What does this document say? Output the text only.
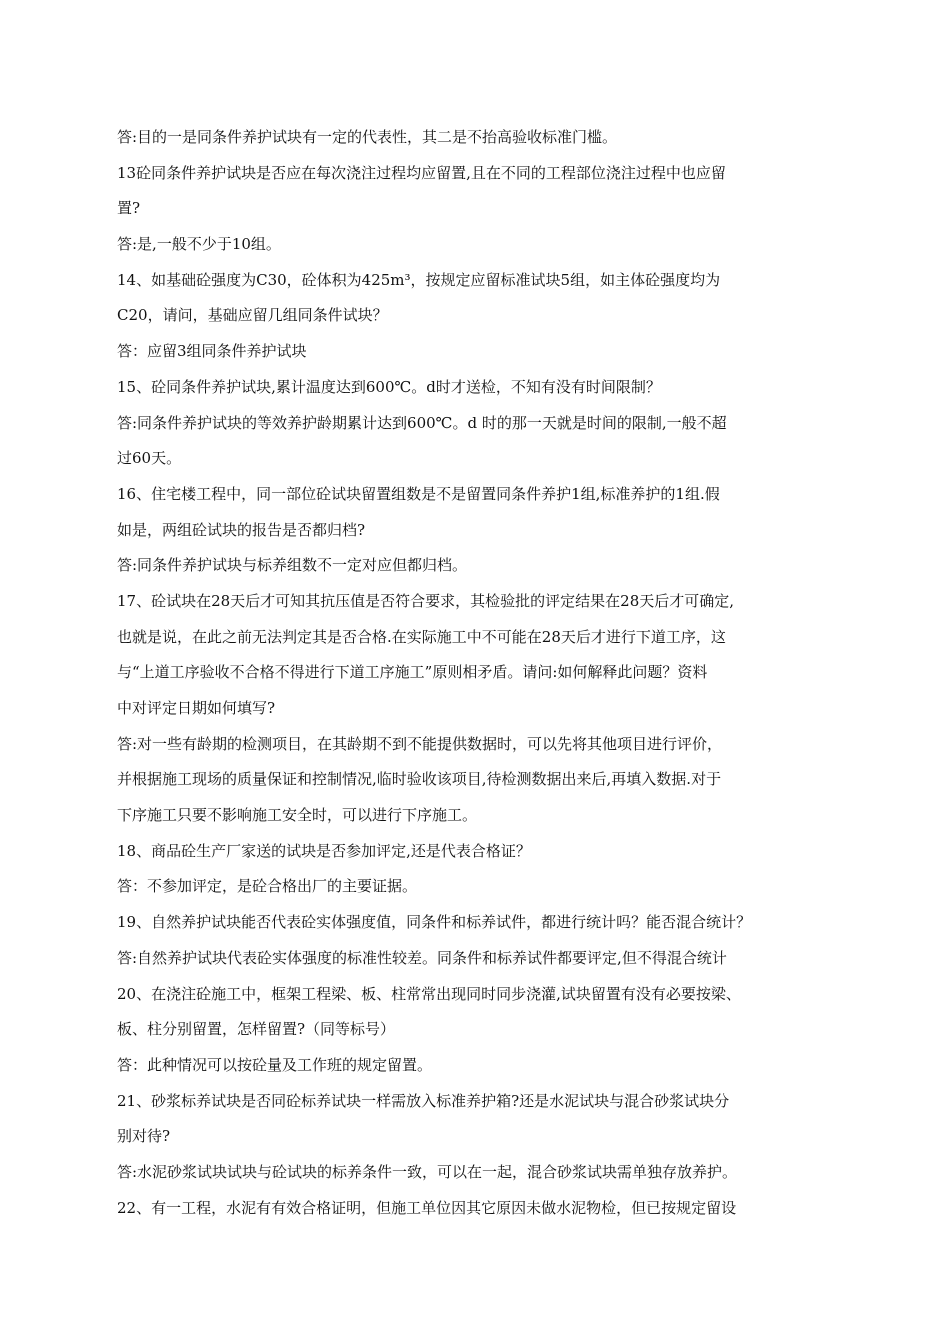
答:目的一是同条件养护试块有一定的代表性，其二是不抬高验收标准门槛。
13砼同条件养护试块是否应在每次浇注过程均应留置,且在不同的工程部位浇注过程中也应留
置?
答:是,一般不少于10组。
14、如基础砼强度为C30，砼体积为425m³，按规定应留标准试块5组，如主体砼强度均为
C20，请问，基础应留几组同条件试块？
答：应留3组同条件养护试块
15、砼同条件养护试块,累计温度达到600℃。d时才送检，不知有没有时间限制？
答:同条件养护试块的等效养护龄期累计达到600℃。d 时的那一天就是时间的限制,一般不超
过60天。
16、住宅楼工程中，同一部位砼试块留置组数是不是留置同条件养护1组,标准养护的1组.假
如是，两组砼试块的报告是否都归档?
答:同条件养护试块与标养组数不一定对应但都归档。
17、砼试块在28天后才可知其抗压值是否符合要求，其检验批的评定结果在28天后才可确定,
也就是说，在此之前无法判定其是否合格.在实际施工中不可能在28天后才进行下道工序，这
与“上道工序验收不合格不得进行下道工序施工”原则相矛盾。请问:如何解释此问题？资料
中对评定日期如何填写?
答:对一些有龄期的检测项目，在其龄期不到不能提供数据时，可以先将其他项目进行评价，
并根据施工现场的质量保证和控制情况,临时验收该项目,待检测数据出来后,再填入数据.对于
下序施工只要不影响施工安全时，可以进行下序施工。
18、商品砼生产厂家送的试块是否参加评定,还是代表合格证？
答：不参加评定，是砼合格出厂的主要证据。
19、自然养护试块能否代表砼实体强度值，同条件和标养试件，都进行统计吗？能否混合统计？
答:自然养护试块代表砼实体强度的标准性较差。同条件和标养试件都要评定,但不得混合统计
20、在浇注砼施工中，框架工程梁、板、柱常常出现同时同步浇灌,试块留置有没有必要按梁、
板、柱分别留置，怎样留置?（同等标号）
答：此种情况可以按砼量及工作班的规定留置。
21、砂浆标养试块是否同砼标养试块一样需放入标准养护箱?还是水泥试块与混合砂浆试块分
别对待?
答:水泥砂浆试块试块与砼试块的标养条件一致，可以在一起，混合砂浆试块需单独存放养护。
22、有一工程，水泥有有效合格证明，但施工单位因其它原因未做水泥物检，但已按规定留设
